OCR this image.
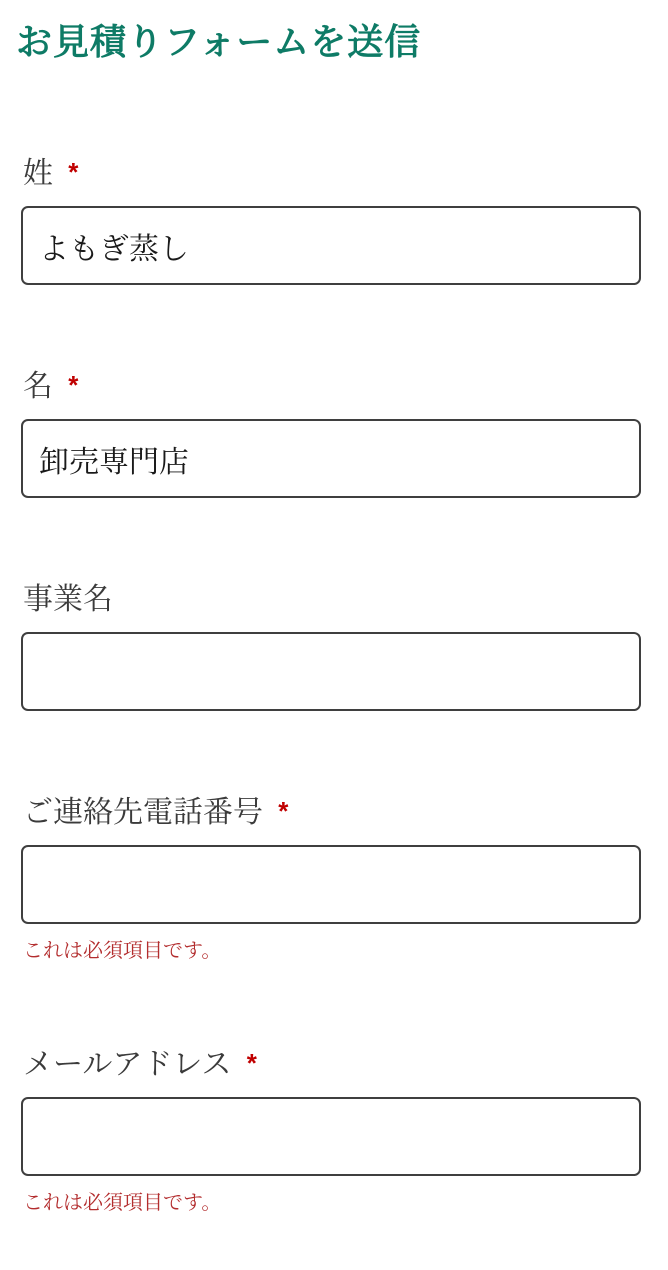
お見積りフォームを送信
姓 *
よもぎ蒸し
名 *
卸売専門店
事業名
ご連絡先電話番号 *
これは必須項目です。
メールアドレス *
これは必須項目です。
